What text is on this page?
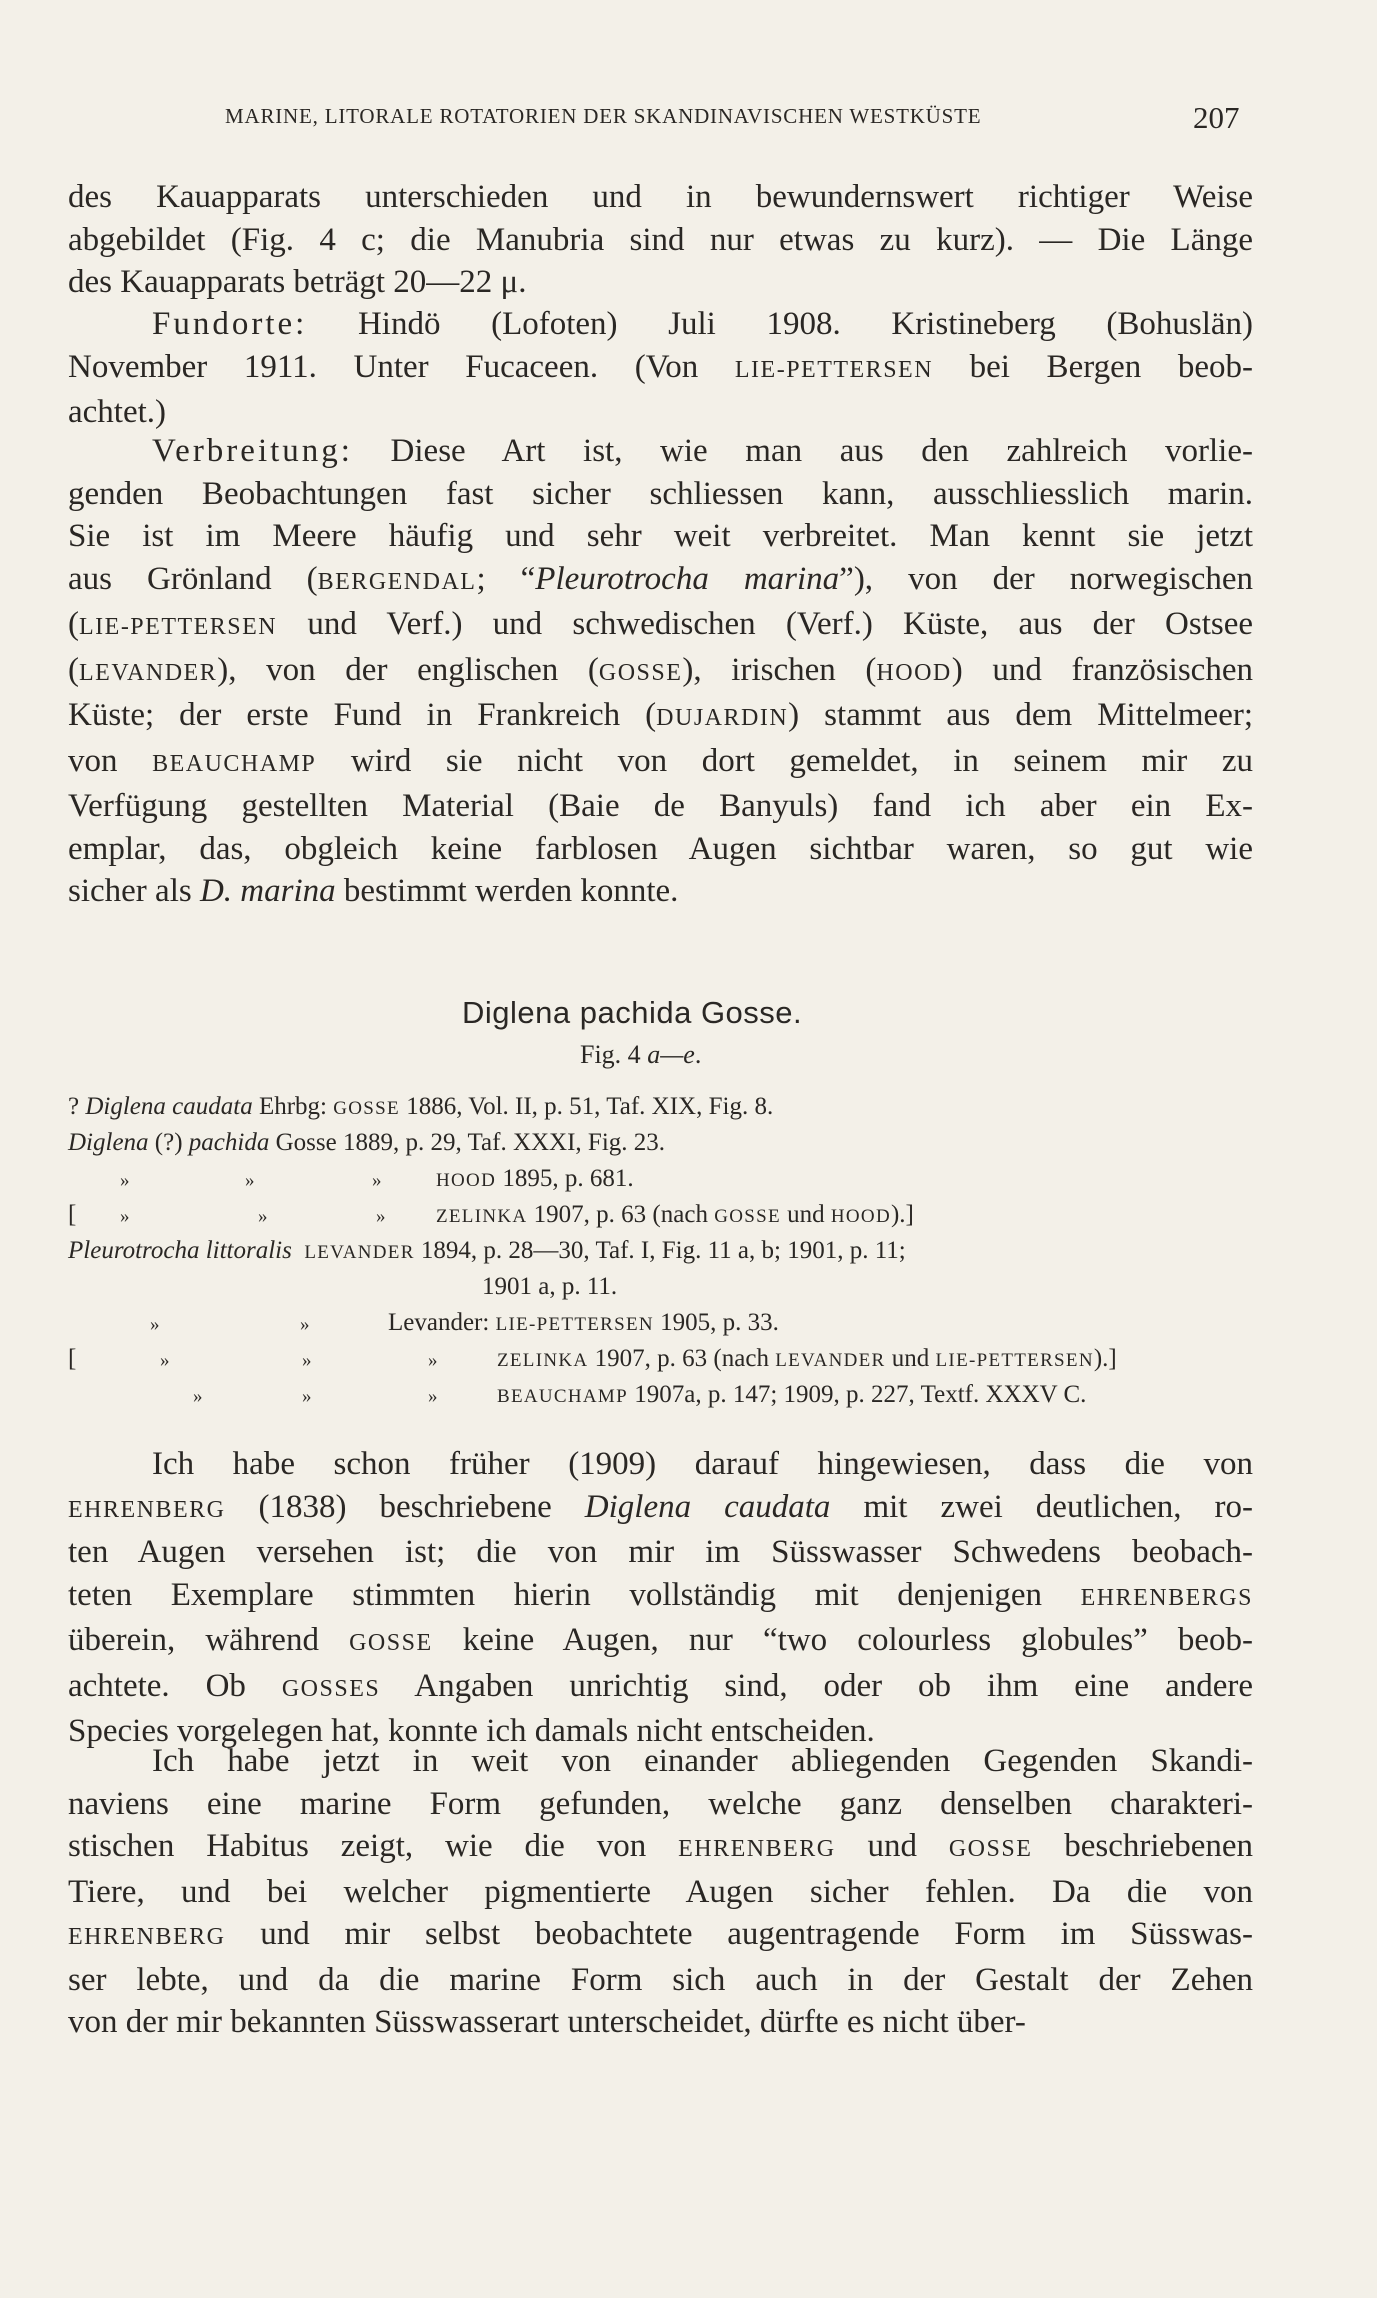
MARINE, LITORALE ROTATORIEN DER SKANDINAVISCHEN WESTKÜSTE	207
des Kauapparats unterschieden und in bewundernswert richtiger Weise
abgebildet (Fig. 4 c; die Manubria sind nur etwas zu kurz). — Die Länge
des Kauapparats beträgt 20—22 μ.
Fundorte: Hindö (Lofoten) Juli 1908. Kristineberg (Bohuslän)
November 1911. Unter Fucaceen. (Von LIE-PETTERSEN bei Bergen beob-
achtet.)
Verbreitung: Diese Art ist, wie man aus den zahlreich vorlie-
genden Beobachtungen fast sicher schliessen kann, ausschliesslich marin.
Sie ist im Meere häufig und sehr weit verbreitet. Man kennt sie jetzt
aus Grönland (BERGENDAL; “Pleurotrocha marina”), von der norwegischen
(LIE-PETTERSEN und Verf.) und schwedischen (Verf.) Küste, aus der Ostsee
(LEVANDER), von der englischen (GOSSE), irischen (HOOD) und französischen
Küste; der erste Fund in Frankreich (DUJARDIN) stammt aus dem Mittelmeer;
von BEAUCHAMP wird sie nicht von dort gemeldet, in seinem mir zu
Verfügung gestellten Material (Baie de Banyuls) fand ich aber ein Ex-
emplar, das, obgleich keine farblosen Augen sichtbar waren, so gut wie
sicher als D. marina bestimmt werden konnte.
Diglena pachida Gosse.
Fig. 4 a—e.
? Diglena caudata Ehrbg: GOSSE 1886, Vol. II, p. 51, Taf. XIX, Fig. 8.
Diglena (?) pachida Gosse 1889, p. 29, Taf. XXXI, Fig. 23.
»	»	»	HOOD 1895, p. 681.
[ »	»	»	ZELINKA 1907, p. 63 (nach GOSSE und HOOD).]
Pleurotrocha littoralis LEVANDER 1894, p. 28—30, Taf. I, Fig. 11 a, b; 1901, p. 11;
1901 a, p. 11.
»	»	Levander: LIE-PETTERSEN 1905, p. 33.
[	»	»	»	ZELINKA 1907, p. 63 (nach LEVANDER und LIE-PETTERSEN).]
»	»	»	BEAUCHAMP 1907a, p. 147; 1909, p. 227, Textf. XXXV C.
Ich habe schon früher (1909) darauf hingewiesen, dass die von
EHRENBERG (1838) beschriebene Diglena caudata mit zwei deutlichen, ro-
ten Augen versehen ist; die von mir im Süsswasser Schwedens beobach-
teten Exemplare stimmten hierin vollständig mit denjenigen EHRENBERGS
überein, während GOSSE keine Augen, nur “two colourless globules” beob-
achtete. Ob GOSSES Angaben unrichtig sind, oder ob ihm eine andere
Species vorgelegen hat, konnte ich damals nicht entscheiden.
Ich habe jetzt in weit von einander abliegenden Gegenden Skandi-
naviens eine marine Form gefunden, welche ganz denselben charakteri-
stischen Habitus zeigt, wie die von EHRENBERG und GOSSE beschriebenen
Tiere, und bei welcher pigmentierte Augen sicher fehlen. Da die von
EHRENBERG und mir selbst beobachtete augentragende Form im Süsswas-
ser lebte, und da die marine Form sich auch in der Gestalt der Zehen
von der mir bekannten Süsswasserart unterscheidet, dürfte es nicht über-
